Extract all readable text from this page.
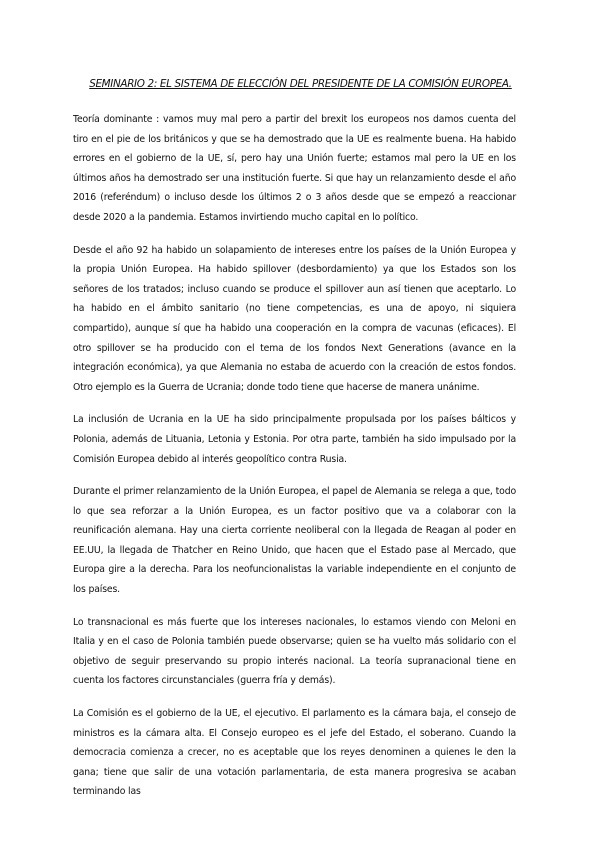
SEMINARIO 2: EL SISTEMA DE ELECCIÓN DEL PRESIDENTE DE LA COMISIÓN EUROPEA.

Teoría dominante : vamos muy mal pero a partir del brexit los europeos nos damos cuenta del tiro en el pie de los británicos y que se ha demostrado que la UE es realmente buena. Ha habido errores en el gobierno de la UE, sí, pero hay una Unión fuerte; estamos mal pero la UE en los últimos años ha demostrado ser una institución fuerte. Si que hay un relanzamiento desde el año 2016 (referéndum) o incluso desde los últimos 2 o 3 años desde que se empezó a reaccionar desde 2020 a la pandemia. Estamos invirtiendo mucho capital en lo político.

Desde el año 92 ha habido un solapamiento de intereses entre los países de la Unión Europea y la propia Unión Europea. Ha habido spillover (desbordamiento) ya que los Estados son los señores de los tratados; incluso cuando se produce el spillover aun así tienen que aceptarlo. Lo ha habido en el ámbito sanitario (no tiene competencias, es una de apoyo, ni siquiera compartido), aunque sí que ha habido una cooperación en la compra de vacunas (eficaces). El otro spillover se ha producido con el tema de los fondos Next Generations (avance en la integración económica), ya que Alemania no estaba de acuerdo con la creación de estos fondos. Otro ejemplo es la Guerra de Ucrania; donde todo tiene que hacerse de manera unánime.

La inclusión de Ucrania en la UE ha sido principalmente propulsada por los países bálticos y Polonia, además de Lituania, Letonia y Estonia. Por otra parte, también ha sido impulsado por la Comisión Europea debido al interés geopolítico contra Rusia.

Durante el primer relanzamiento de la Unión Europea, el papel de Alemania se relega a que, todo lo que sea reforzar a la Unión Europea, es un factor positivo que va a colaborar con la reunificación alemana. Hay una cierta corriente neoliberal con la llegada de Reagan al poder en EE.UU, la llegada de Thatcher en Reino Unido, que hacen que el Estado pase al Mercado, que Europa gire a la derecha. Para los neofuncionalistas la variable independiente en el conjunto de los países.

Lo transnacional es más fuerte que los intereses nacionales, lo estamos viendo con Meloni en Italia y en el caso de Polonia también puede observarse; quien se ha vuelto más solidario con el objetivo de seguir preservando su propio interés nacional. La teoría supranacional tiene en cuenta los factores circunstanciales (guerra fría y demás).

La Comisión es el gobierno de la UE, el ejecutivo. El parlamento es la cámara baja, el consejo de ministros es la cámara alta. El Consejo europeo es el jefe del Estado, el soberano. Cuando la democracia comienza a crecer, no es aceptable que los reyes denominen a quienes le den la gana; tiene que salir de una votación parlamentaria, de esta manera progresiva se acaban terminando las
